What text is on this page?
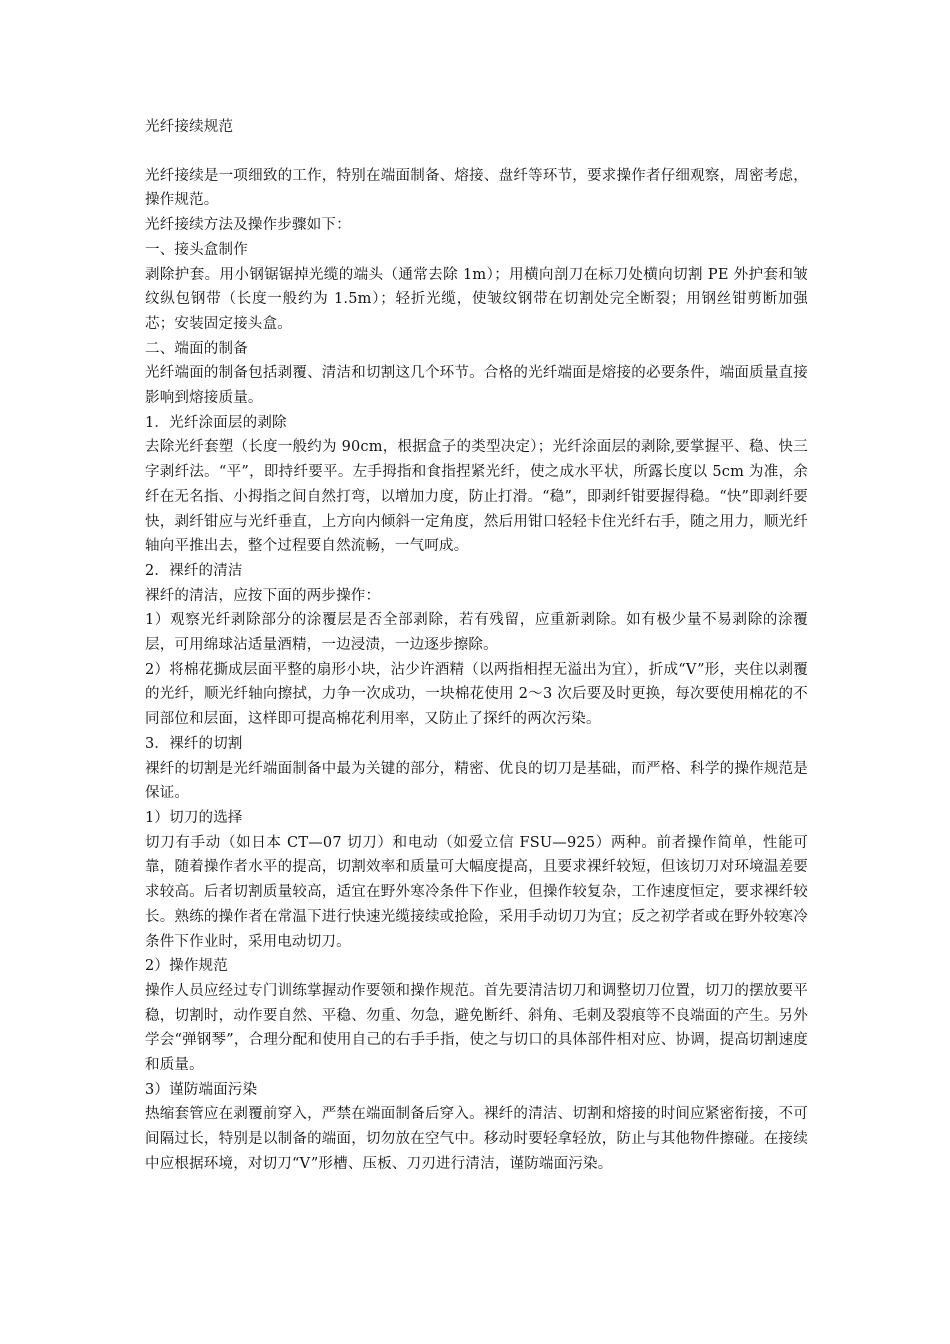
光纤接续规范

光纤接续是一项细致的工作，特别在端面制备、熔接、盘纤等环节，要求操作者仔细观察，周密考虑，操作规范。

光纤接续方法及操作步骤如下：

一、接头盒制作

剥除护套。用小钢锯锯掉光缆的端头（通常去除 1m）；用横向剖刀在标刀处横向切割 PE 外护套和皱纹纵包钢带（长度一般约为 1.5m）；轻折光缆，使皱纹钢带在切割处完全断裂；用钢丝钳剪断加强芯；安装固定接头盒。

二、端面的制备

光纤端面的制备包括剥覆、清洁和切割这几个环节。合格的光纤端面是熔接的必要条件，端面质量直接影响到熔接质量。

1．光纤涂面层的剥除

去除光纤套塑（长度一般约为 90cm，根据盒子的类型决定）；光纤涂面层的剥除,要掌握平、稳、快三字剥纤法。“平”，即持纤要平。左手拇指和食指捏紧光纤，使之成水平状，所露长度以 5cm 为准，余纤在无名指、小拇指之间自然打弯，以增加力度，防止打滑。“稳”，即剥纤钳要握得稳。“快”即剥纤要快，剥纤钳应与光纤垂直，上方向内倾斜一定角度，然后用钳口轻轻卡住光纤右手，随之用力，顺光纤轴向平推出去，整个过程要自然流畅，一气呵成。

2．裸纤的清洁

裸纤的清洁，应按下面的两步操作：

1）观察光纤剥除部分的涂覆层是否全部剥除，若有残留，应重新剥除。如有极少量不易剥除的涂覆层，可用绵球沾适量酒精，一边浸渍，一边逐步擦除。

2）将棉花撕成层面平整的扇形小块，沾少许酒精（以两指相捏无溢出为宜），折成“V”形，夹住以剥覆的光纤，顺光纤轴向擦拭，力争一次成功，一块棉花使用 2～3 次后要及时更换，每次要使用棉花的不同部位和层面，这样即可提高棉花利用率，又防止了探纤的两次污染。

3．裸纤的切割

裸纤的切割是光纤端面制备中最为关键的部分，精密、优良的切刀是基础，而严格、科学的操作规范是保证。

1）切刀的选择

切刀有手动（如日本 CT—07 切刀）和电动（如爱立信 FSU—925）两种。前者操作简单，性能可靠，随着操作者水平的提高，切割效率和质量可大幅度提高，且要求裸纤较短，但该切刀对环境温差要求较高。后者切割质量较高，适宜在野外寒冷条件下作业，但操作较复杂，工作速度恒定，要求裸纤较长。熟练的操作者在常温下进行快速光缆接续或抢险，采用手动切刀为宜；反之初学者或在野外较寒冷条件下作业时，采用电动切刀。

2）操作规范

操作人员应经过专门训练掌握动作要领和操作规范。首先要清洁切刀和调整切刀位置，切刀的摆放要平稳，切割时，动作要自然、平稳、勿重、勿急，避免断纤、斜角、毛刺及裂痕等不良端面的产生。另外学会“弹钢琴”，合理分配和使用自己的右手手指，使之与切口的具体部件相对应、协调，提高切割速度和质量。

3）谨防端面污染

热缩套管应在剥覆前穿入，严禁在端面制备后穿入。裸纤的清洁、切割和熔接的时间应紧密衔接，不可间隔过长，特别是以制备的端面，切勿放在空气中。移动时要轻拿轻放，防止与其他物件擦碰。在接续中应根据环境，对切刀“V”形槽、压板、刀刃进行清洁，谨防端面污染。
